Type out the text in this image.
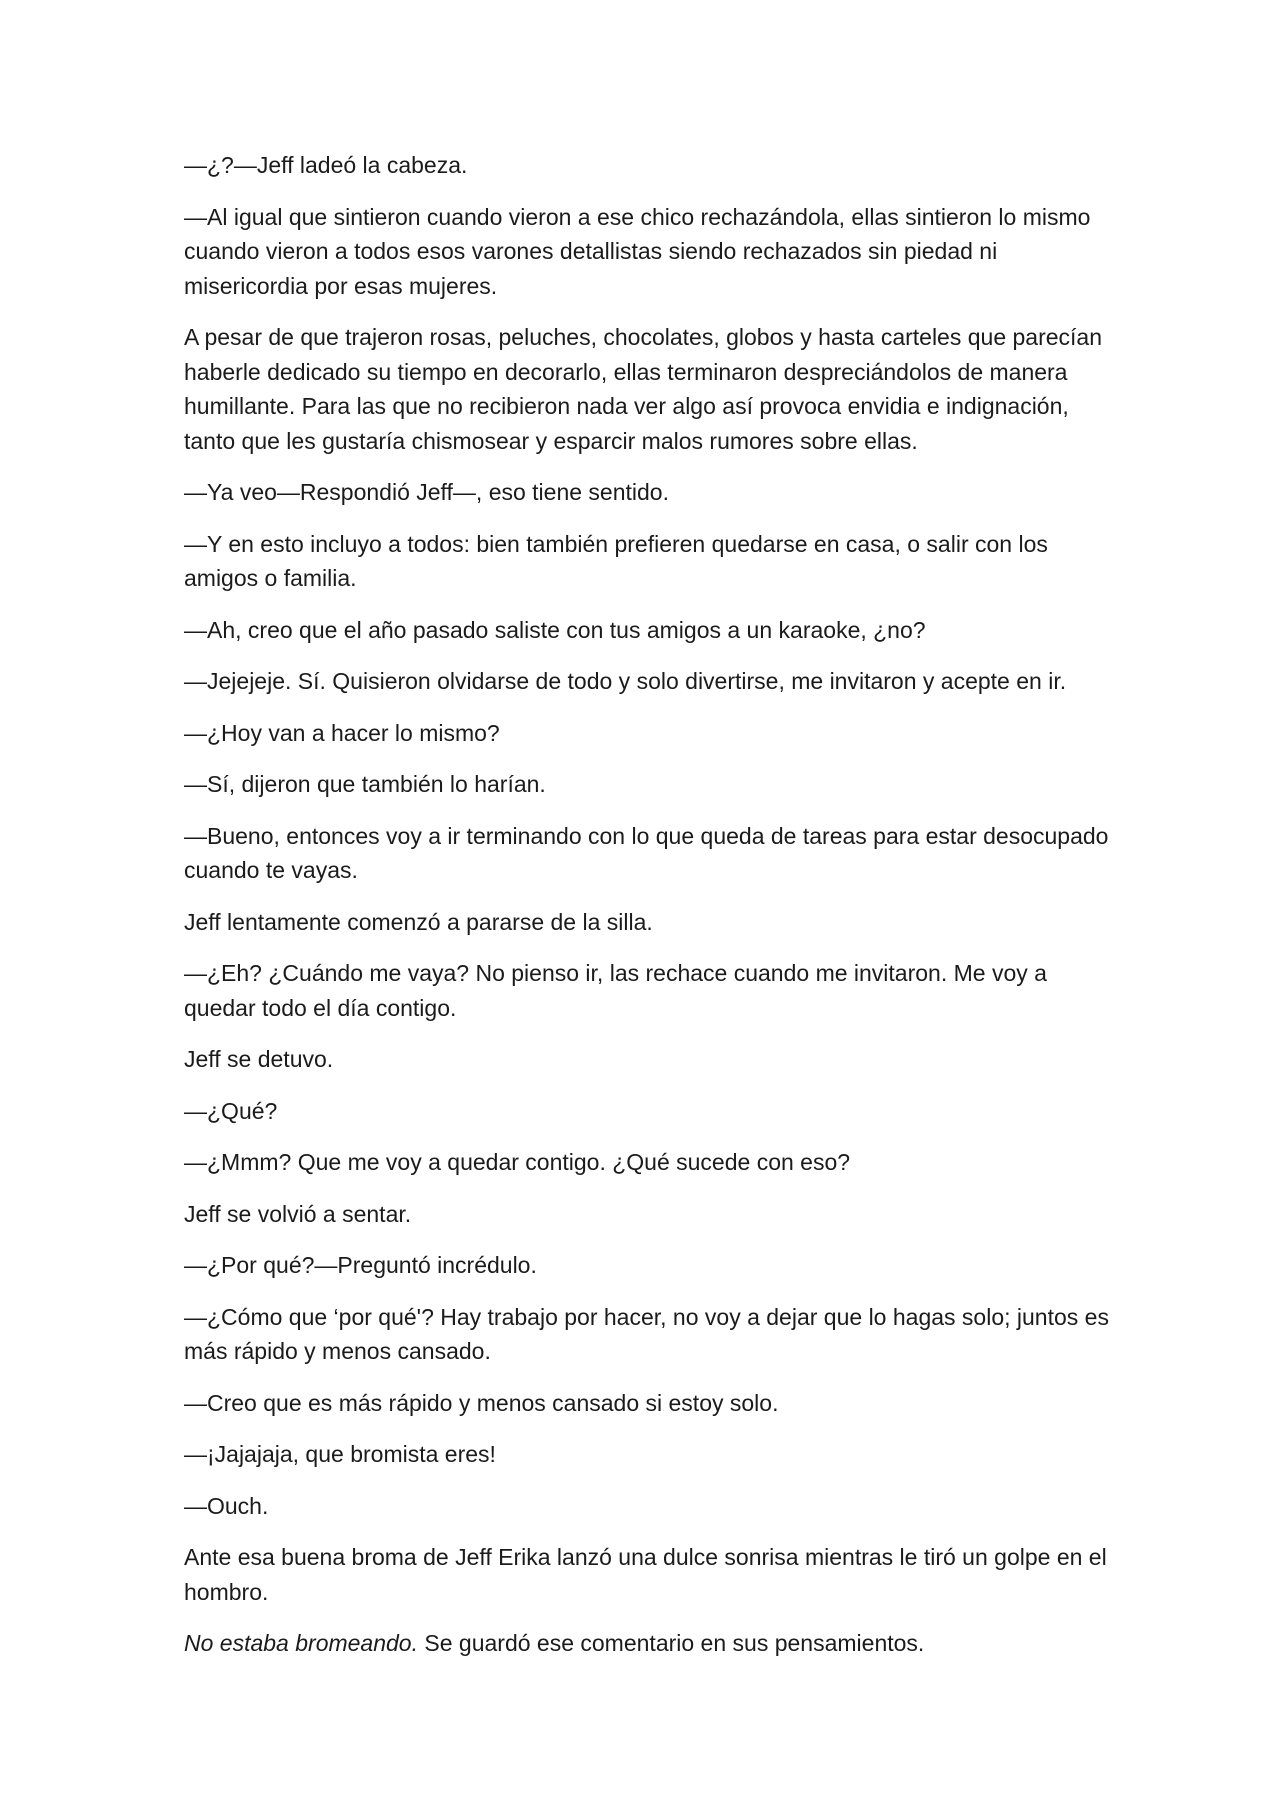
—¿?—Jeff ladeó la cabeza.

—Al igual que sintieron cuando vieron a ese chico rechazándola, ellas sintieron lo mismo cuando vieron a todos esos varones detallistas siendo rechazados sin piedad ni misericordia por esas mujeres.

A pesar de que trajeron rosas, peluches, chocolates, globos y hasta carteles que parecían haberle dedicado su tiempo en decorarlo, ellas terminaron despreciándolos de manera humillante. Para las que no recibieron nada ver algo así provoca envidia e indignación, tanto que les gustaría chismosear y esparcir malos rumores sobre ellas.

—Ya veo—Respondió Jeff—, eso tiene sentido.

—Y en esto incluyo a todos: bien también prefieren quedarse en casa, o salir con los amigos o familia.

—Ah, creo que el año pasado saliste con tus amigos a un karaoke, ¿no?

—Jejejeje. Sí. Quisieron olvidarse de todo y solo divertirse, me invitaron y acepte en ir.

—¿Hoy van a hacer lo mismo?

—Sí, dijeron que también lo harían.

—Bueno, entonces voy a ir terminando con lo que queda de tareas para estar desocupado cuando te vayas.

Jeff lentamente comenzó a pararse de la silla.

—¿Eh? ¿Cuándo me vaya? No pienso ir, las rechace cuando me invitaron. Me voy a quedar todo el día contigo.

Jeff se detuvo.

—¿Qué?

—¿Mmm? Que me voy a quedar contigo. ¿Qué sucede con eso?

Jeff se volvió a sentar.

—¿Por qué?—Preguntó incrédulo.

—¿Cómo que ‘por qué'? Hay trabajo por hacer, no voy a dejar que lo hagas solo; juntos es más rápido y menos cansado.

—Creo que es más rápido y menos cansado si estoy solo.

—¡Jajajaja, que bromista eres!

—Ouch.

Ante esa buena broma de Jeff Erika lanzó una dulce sonrisa mientras le tiró un golpe en el hombro.

No estaba bromeando. Se guardó ese comentario en sus pensamientos.
